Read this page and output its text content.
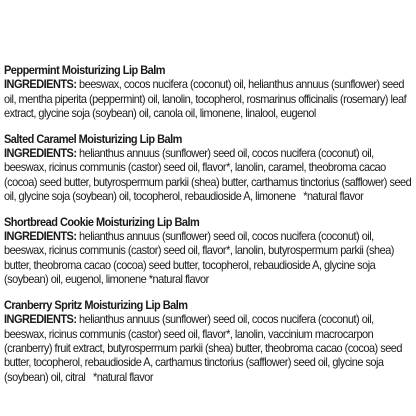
Peppermint Moisturizing Lip Balm
INGREDIENTS: beeswax, cocos nucifera (coconut) oil, helianthus annuus (sunflower) seed oil, mentha piperita (peppermint) oil, lanolin, tocopherol, rosmarinus officinalis (rosemary) leaf extract, glycine soja (soybean) oil, canola oil, limonene, linalool, eugenol
Salted Caramel Moisturizing Lip Balm
INGREDIENTS: helianthus annuus (sunflower) seed oil, cocos nucifera (coconut) oil, beeswax, ricinus communis (castor) seed oil, flavor*, lanolin, caramel, theobroma cacao (cocoa) seed butter, butyrospermum parkii (shea) butter, carthamus tinctorius (safflower) seed oil, glycine soja (soybean) oil, tocopherol, rebaudioside A, limonene *natural flavor
Shortbread Cookie Moisturizing Lip Balm
INGREDIENTS: helianthus annuus (sunflower) seed oil, cocos nucifera (coconut) oil, beeswax, ricinus communis (castor) seed oil, flavor*, lanolin, butyrospermum parkii (shea) butter, theobroma cacao (cocoa) seed butter, tocopherol, rebaudioside A, glycine soja (soybean) oil, eugenol, limonene *natural flavor
Cranberry Spritz Moisturizing Lip Balm
INGREDIENTS: helianthus annuus (sunflower) seed oil, cocos nucifera (coconut) oil, beeswax, ricinus communis (castor) seed oil, flavor*, lanolin, vaccinium macrocarpon (cranberry) fruit extract, butyrospermum parkii (shea) butter, theobroma cacao (cocoa) seed butter, tocopherol, rebaudioside A, carthamus tinctorius (safflower) seed oil, glycine soja (soybean) oil, citral *natural flavor
